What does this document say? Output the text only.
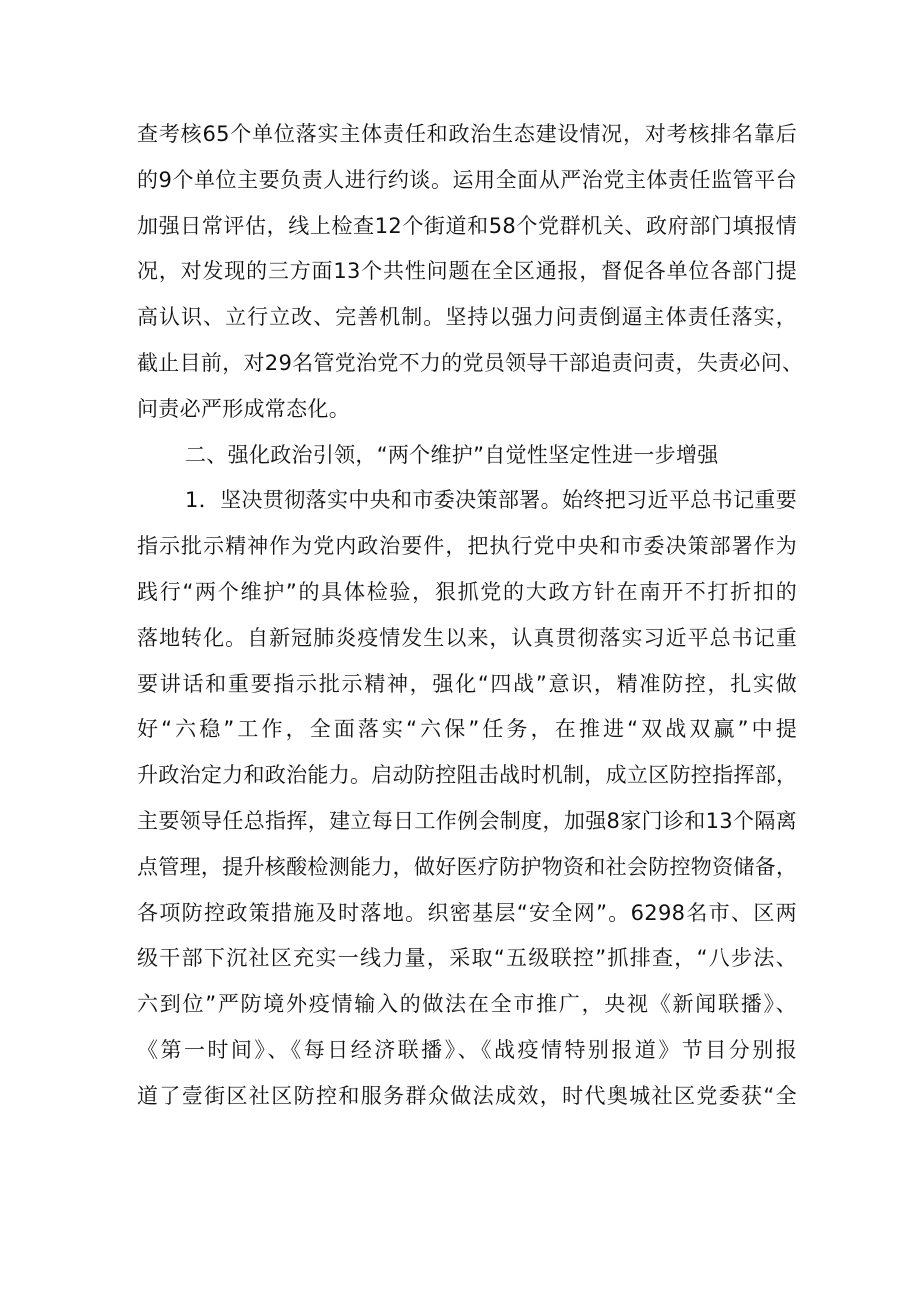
查考核65个单位落实主体责任和政治生态建设情况，对考核排名靠后
的9个单位主要负责人进行约谈。运用全面从严治党主体责任监管平台
加强日常评估，线上检查12个街道和58个党群机关、政府部门填报情
况，对发现的三方面13个共性问题在全区通报，督促各单位各部门提
高认识、立行立改、完善机制。坚持以强力问责倒逼主体责任落实，
截止目前，对29名管党治党不力的党员领导干部追责问责，失责必问、
问责必严形成常态化。
二、强化政治引领，“两个维护”自觉性坚定性进一步增强
1．坚决贯彻落实中央和市委决策部署。始终把习近平总书记重要
指示批示精神作为党内政治要件，把执行党中央和市委决策部署作为
践行“两个维护”的具体检验，狠抓党的大政方针在南开不打折扣的
落地转化。自新冠肺炎疫情发生以来，认真贯彻落实习近平总书记重
要讲话和重要指示批示精神，强化“四战”意识，精准防控，扎实做
好“六稳”工作，全面落实“六保”任务，在推进“双战双赢”中提
升政治定力和政治能力。启动防控阻击战时机制，成立区防控指挥部，
主要领导任总指挥，建立每日工作例会制度，加强8家门诊和13个隔离
点管理，提升核酸检测能力，做好医疗防护物资和社会防控物资储备，
各项防控政策措施及时落地。织密基层“安全网”。6298名市、区两
级干部下沉社区充实一线力量，采取“五级联控”抓排查，“八步法、
六到位”严防境外疫情输入的做法在全市推广，央视《新闻联播》、
《第一时间》、《每日经济联播》、《战疫情特别报道》节目分别报
道了壹街区社区防控和服务群众做法成效，时代奥城社区党委获“全
